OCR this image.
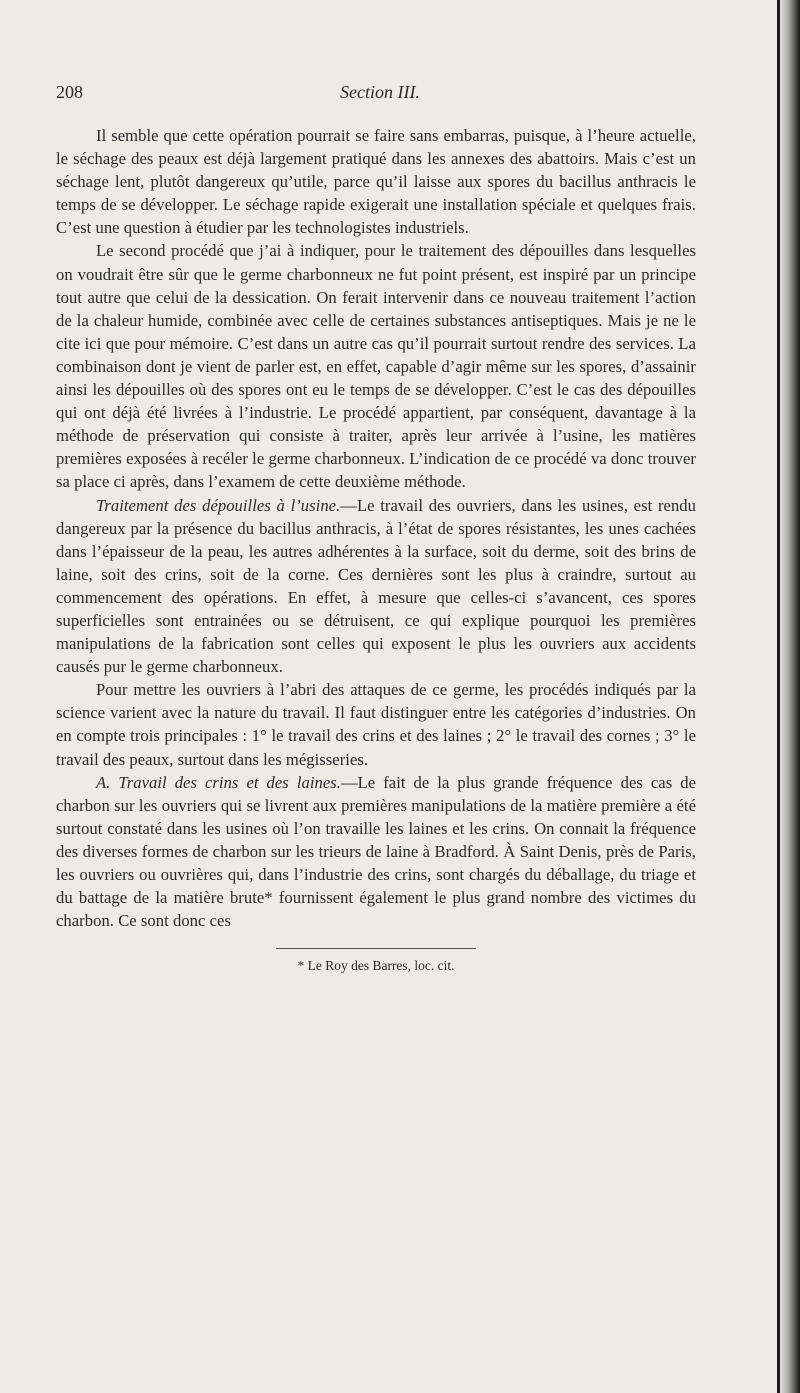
208	Section III.

Il semble que cette opération pourrait se faire sans embarras, puisque, à l’heure actuelle, le séchage des peaux est déjà largement pratiqué dans les annexes des abattoirs. Mais c’est un séchage lent, plutôt dangereux qu’utile, parce qu’il laisse aux spores du bacillus anthracis le temps de se développer. Le séchage rapide exigerait une installation spéciale et quelques frais. C’est une question à étudier par les technologistes industriels.

Le second procédé que j’ai à indiquer, pour le traitement des dépouilles dans lesquelles on voudrait être sûr que le germe charbonneux ne fut point présent, est inspiré par un principe tout autre que celui de la dessication. On ferait intervenir dans ce nouveau traitement l’action de la chaleur humide, combinée avec celle de certaines substances antiseptiques. Mais je ne le cite ici que pour mémoire. C’est dans un autre cas qu’il pourrait surtout rendre des services. La combinaison dont je vient de parler est, en effet, capable d’agir même sur les spores, d’assainir ainsi les dépouilles où des spores ont eu le temps de se développer. C’est le cas des dépouilles qui ont déjà été livrées à l’industrie. Le procédé appartient, par conséquent, davantage à la méthode de préservation qui consiste à traiter, après leur arrivée à l’usine, les matières premières exposées à recéler le germe charbonneux. L’indication de ce procédé va donc trouver sa place ci après, dans l’examem de cette deuxième méthode.

Traitement des dépouilles à l’usine.—Le travail des ouvriers, dans les usines, est rendu dangereux par la présence du bacillus anthracis, à l’état de spores résistantes, les unes cachées dans l’épaisseur de la peau, les autres adhérentes à la surface, soit du derme, soit des brins de laine, soit des crins, soit de la corne. Ces dernières sont les plus à craindre, surtout au commencement des opérations. En effet, à mesure que celles-ci s’avancent, ces spores superficielles sont entrainées ou se détruisent, ce qui explique pourquoi les premières manipulations de la fabrication sont celles qui exposent le plus les ouvriers aux accidents causés pur le germe charbonneux.

Pour mettre les ouvriers à l’abri des attaques de ce germe, les procédés indiqués par la science varient avec la nature du travail. Il faut distinguer entre les catégories d’industries. On en compte trois principales : 1° le travail des crins et des laines ; 2° le travail des cornes ; 3° le travail des peaux, surtout dans les mégisseries.

A. Travail des crins et des laines.—Le fait de la plus grande fréquence des cas de charbon sur les ouvriers qui se livrent aux premières manipulations de la matière première a été surtout constaté dans les usines où l’on travaille les laines et les crins. On connait la fréquence des diverses formes de charbon sur les trieurs de laine à Bradford. À Saint Denis, près de Paris, les ouvriers ou ouvrières qui, dans l’industrie des crins, sont chargés du déballage, du triage et du battage de la matière brute* fournissent également le plus grand nombre des victimes du charbon. Ce sont donc ces

* Le Roy des Barres, loc. cit.
